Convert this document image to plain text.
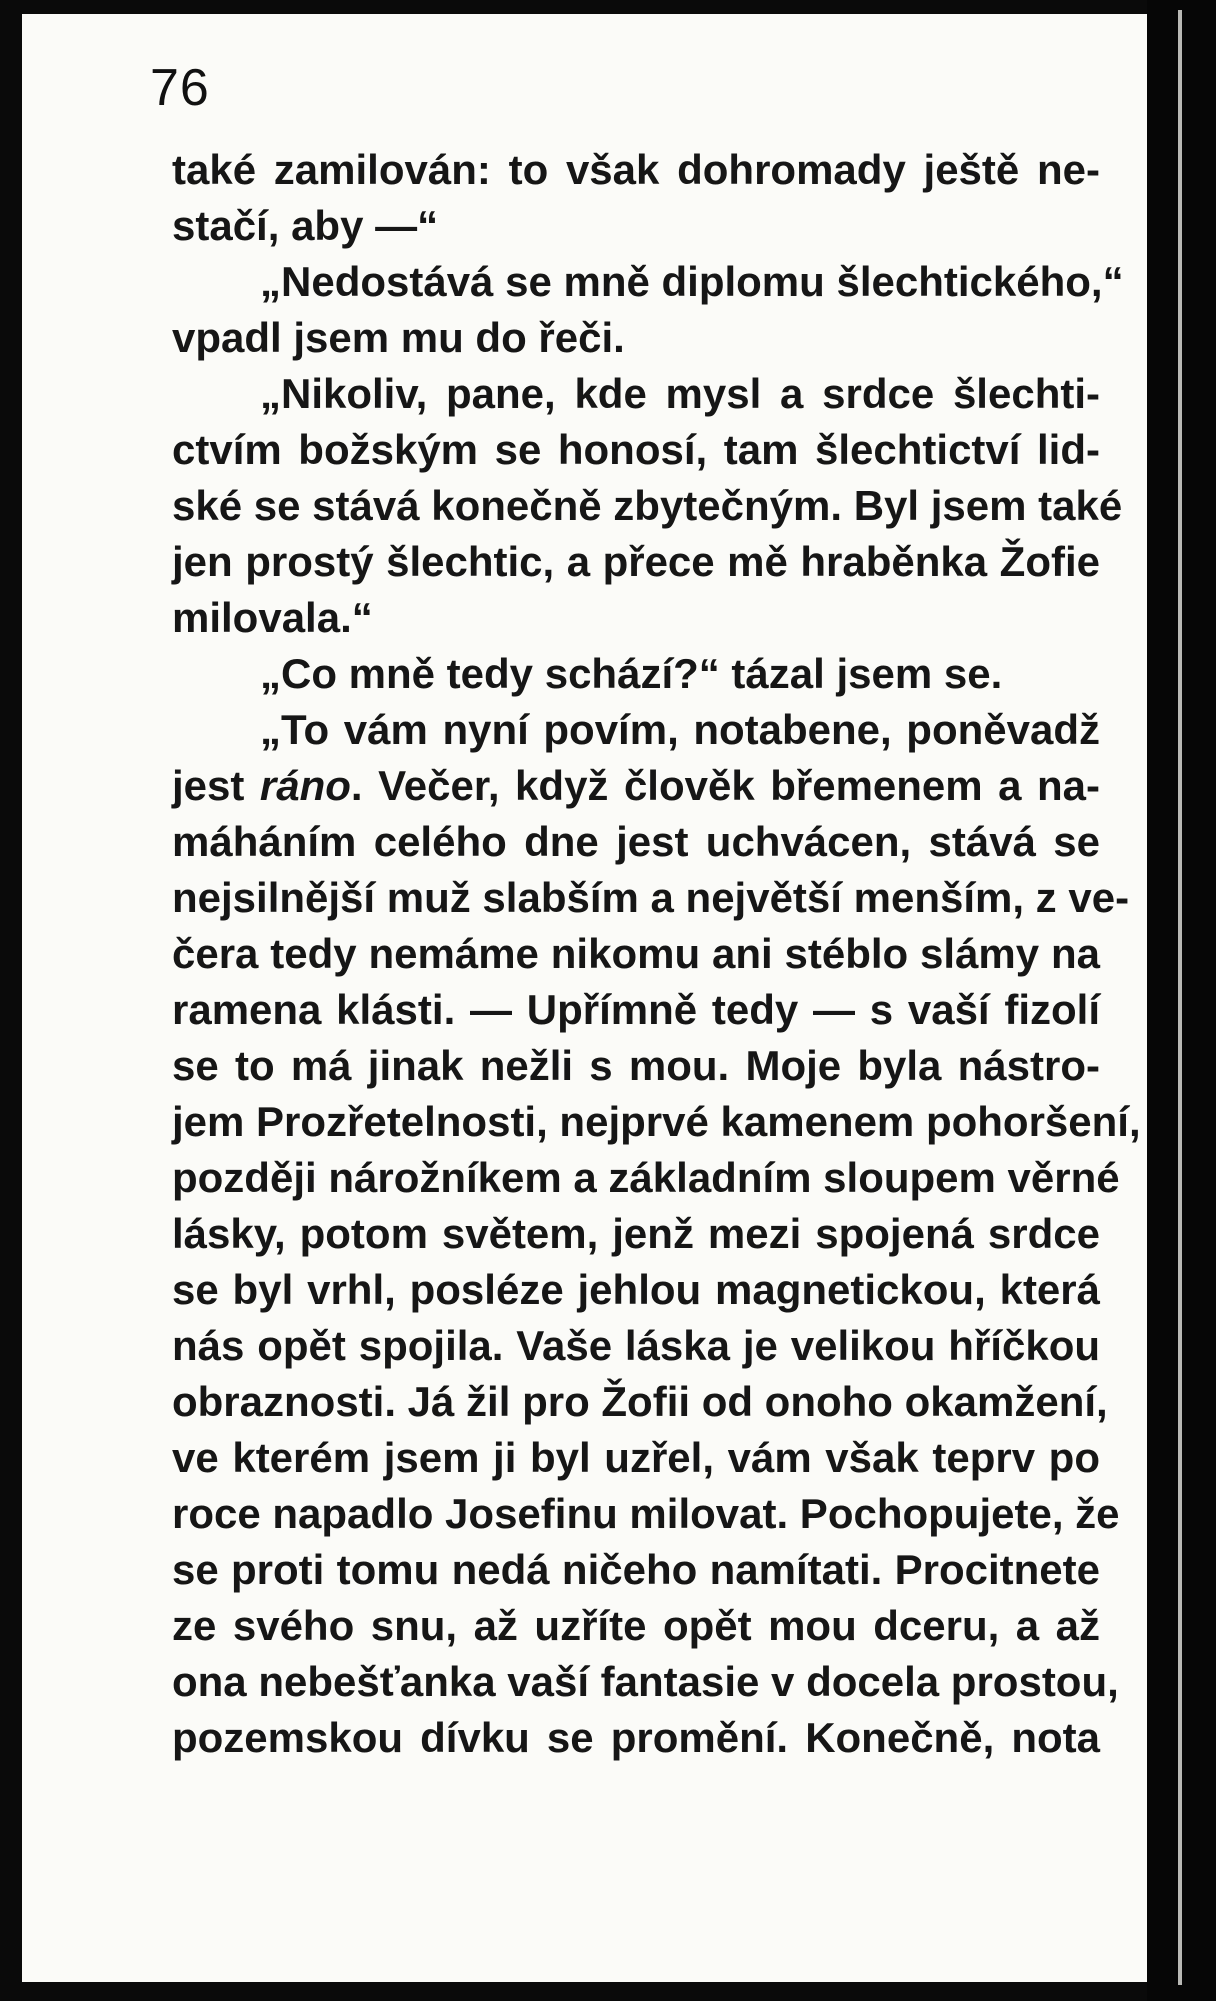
76
také zamilován: to však dohromady ještě ne-
stačí, aby —“
„Nedostává se mně diplomu šlechtického,“
vpadl jsem mu do řeči.
„Nikoliv, pane, kde mysl a srdce šlechti-
ctvím božským se honosí, tam šlechtictví lid-
ské se stává konečně zbytečným. Byl jsem také
jen prostý šlechtic, a přece mě hraběnka Žofie
milovala.“
„Co mně tedy schází?“ tázal jsem se.
„To vám nyní povím, notabene, poněvadž
jest ráno. Večer, když člověk břemenem a na-
máháním celého dne jest uchvácen, stává se
nejsilnější muž slabším a největší menším, z ve-
čera tedy nemáme nikomu ani stéblo slámy na
ramena klásti. — Upřímně tedy — s vaší fizolí
se to má jinak nežli s mou. Moje byla nástro-
jem Prozřetelnosti, nejprvé kamenem pohoršení,
později nárožníkem a základním sloupem věrné
lásky, potom světem, jenž mezi spojená srdce
se byl vrhl, posléze jehlou magnetickou, která
nás opět spojila. Vaše láska je velikou hříčkou
obraznosti. Já žil pro Žofii od onoho okamžení,
ve kterém jsem ji byl uzřel, vám však teprv po
roce napadlo Josefinu milovat. Pochopujete, že
se proti tomu nedá ničeho namítati. Procitnete
ze svého snu, až uzříte opět mou dceru, a až
ona nebešťanka vaší fantasie v docela prostou,
pozemskou dívku se promění. Konečně, nota
